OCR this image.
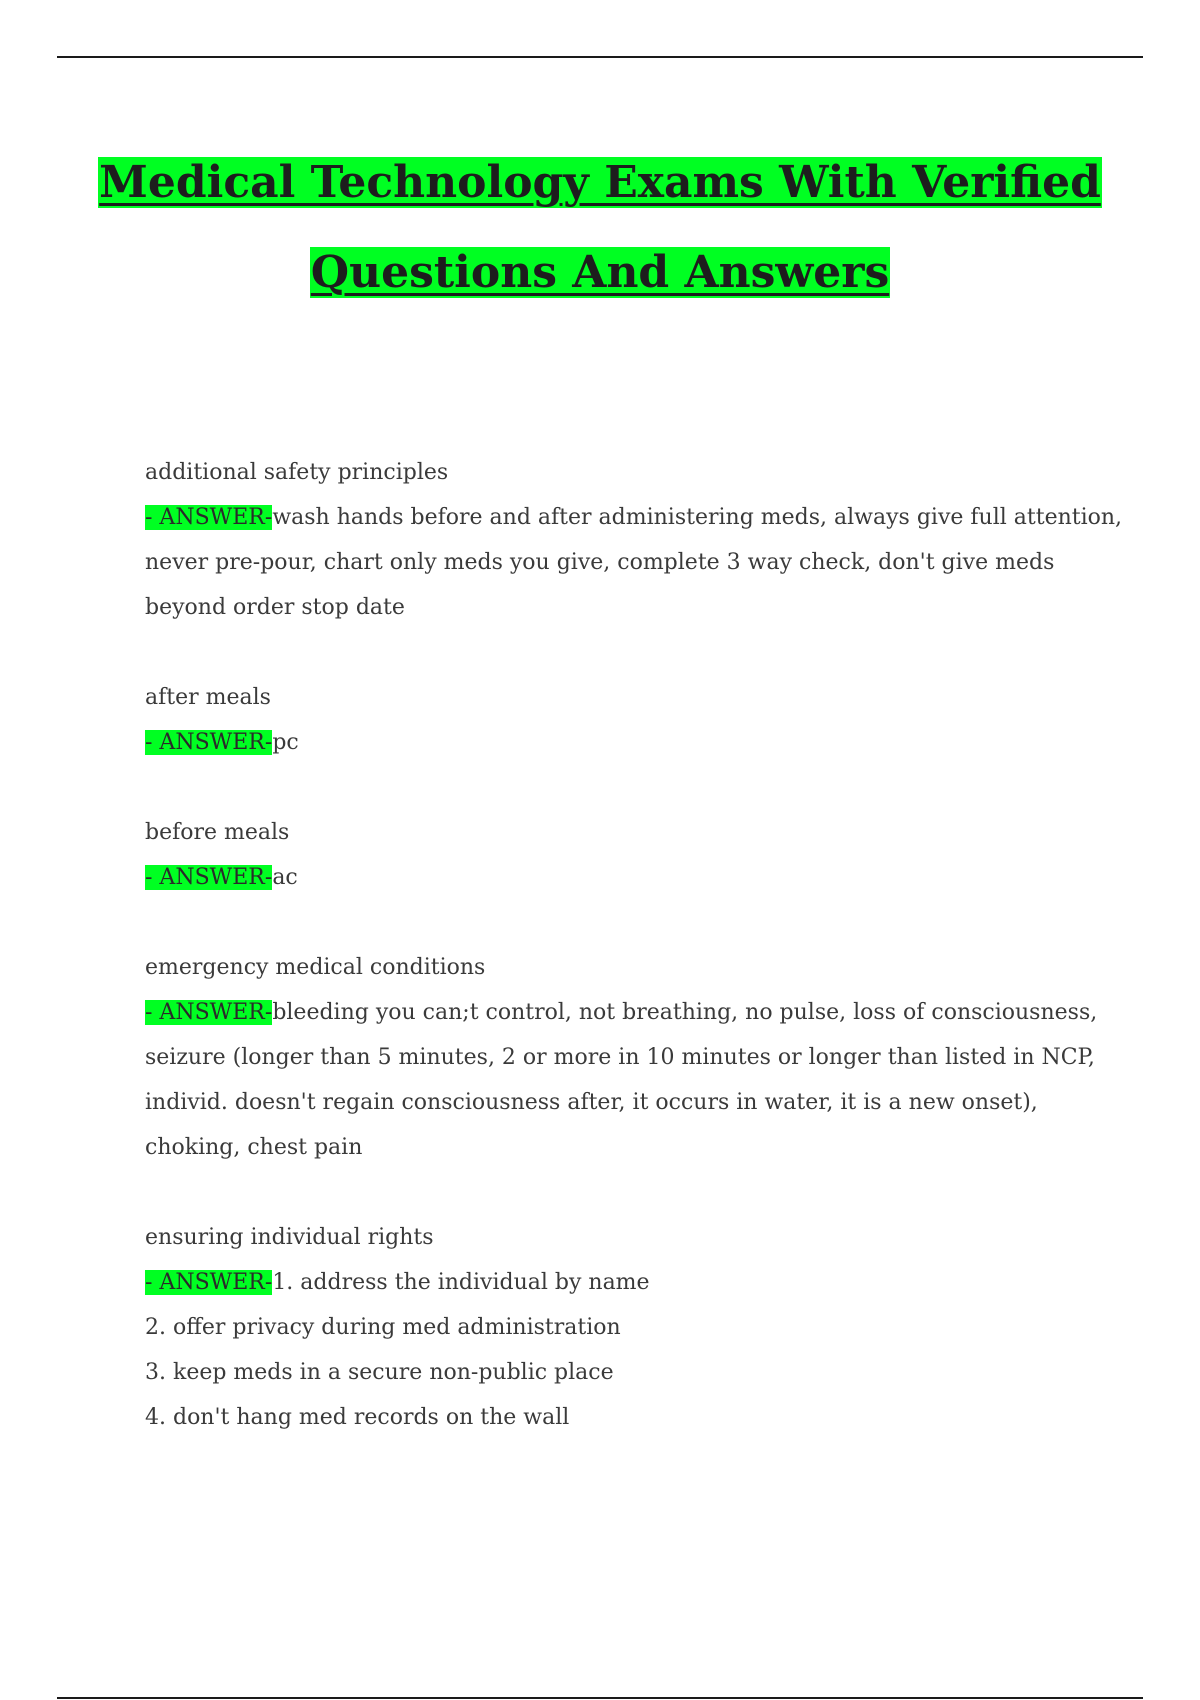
Medical Technology Exams With Verified
Questions And Answers
additional safety principles
- ANSWER-wash hands before and after administering meds, always give full attention,
never pre-pour, chart only meds you give, complete 3 way check, don't give meds
beyond order stop date
after meals
- ANSWER-pc
before meals
- ANSWER-ac
emergency medical conditions
- ANSWER-bleeding you can;t control, not breathing, no pulse, loss of consciousness,
seizure (longer than 5 minutes, 2 or more in 10 minutes or longer than listed in NCP,
individ. doesn't regain consciousness after, it occurs in water, it is a new onset),
choking, chest pain
ensuring individual rights
- ANSWER-1. address the individual by name
2. offer privacy during med administration
3. keep meds in a secure non-public place
4. don't hang med records on the wall
